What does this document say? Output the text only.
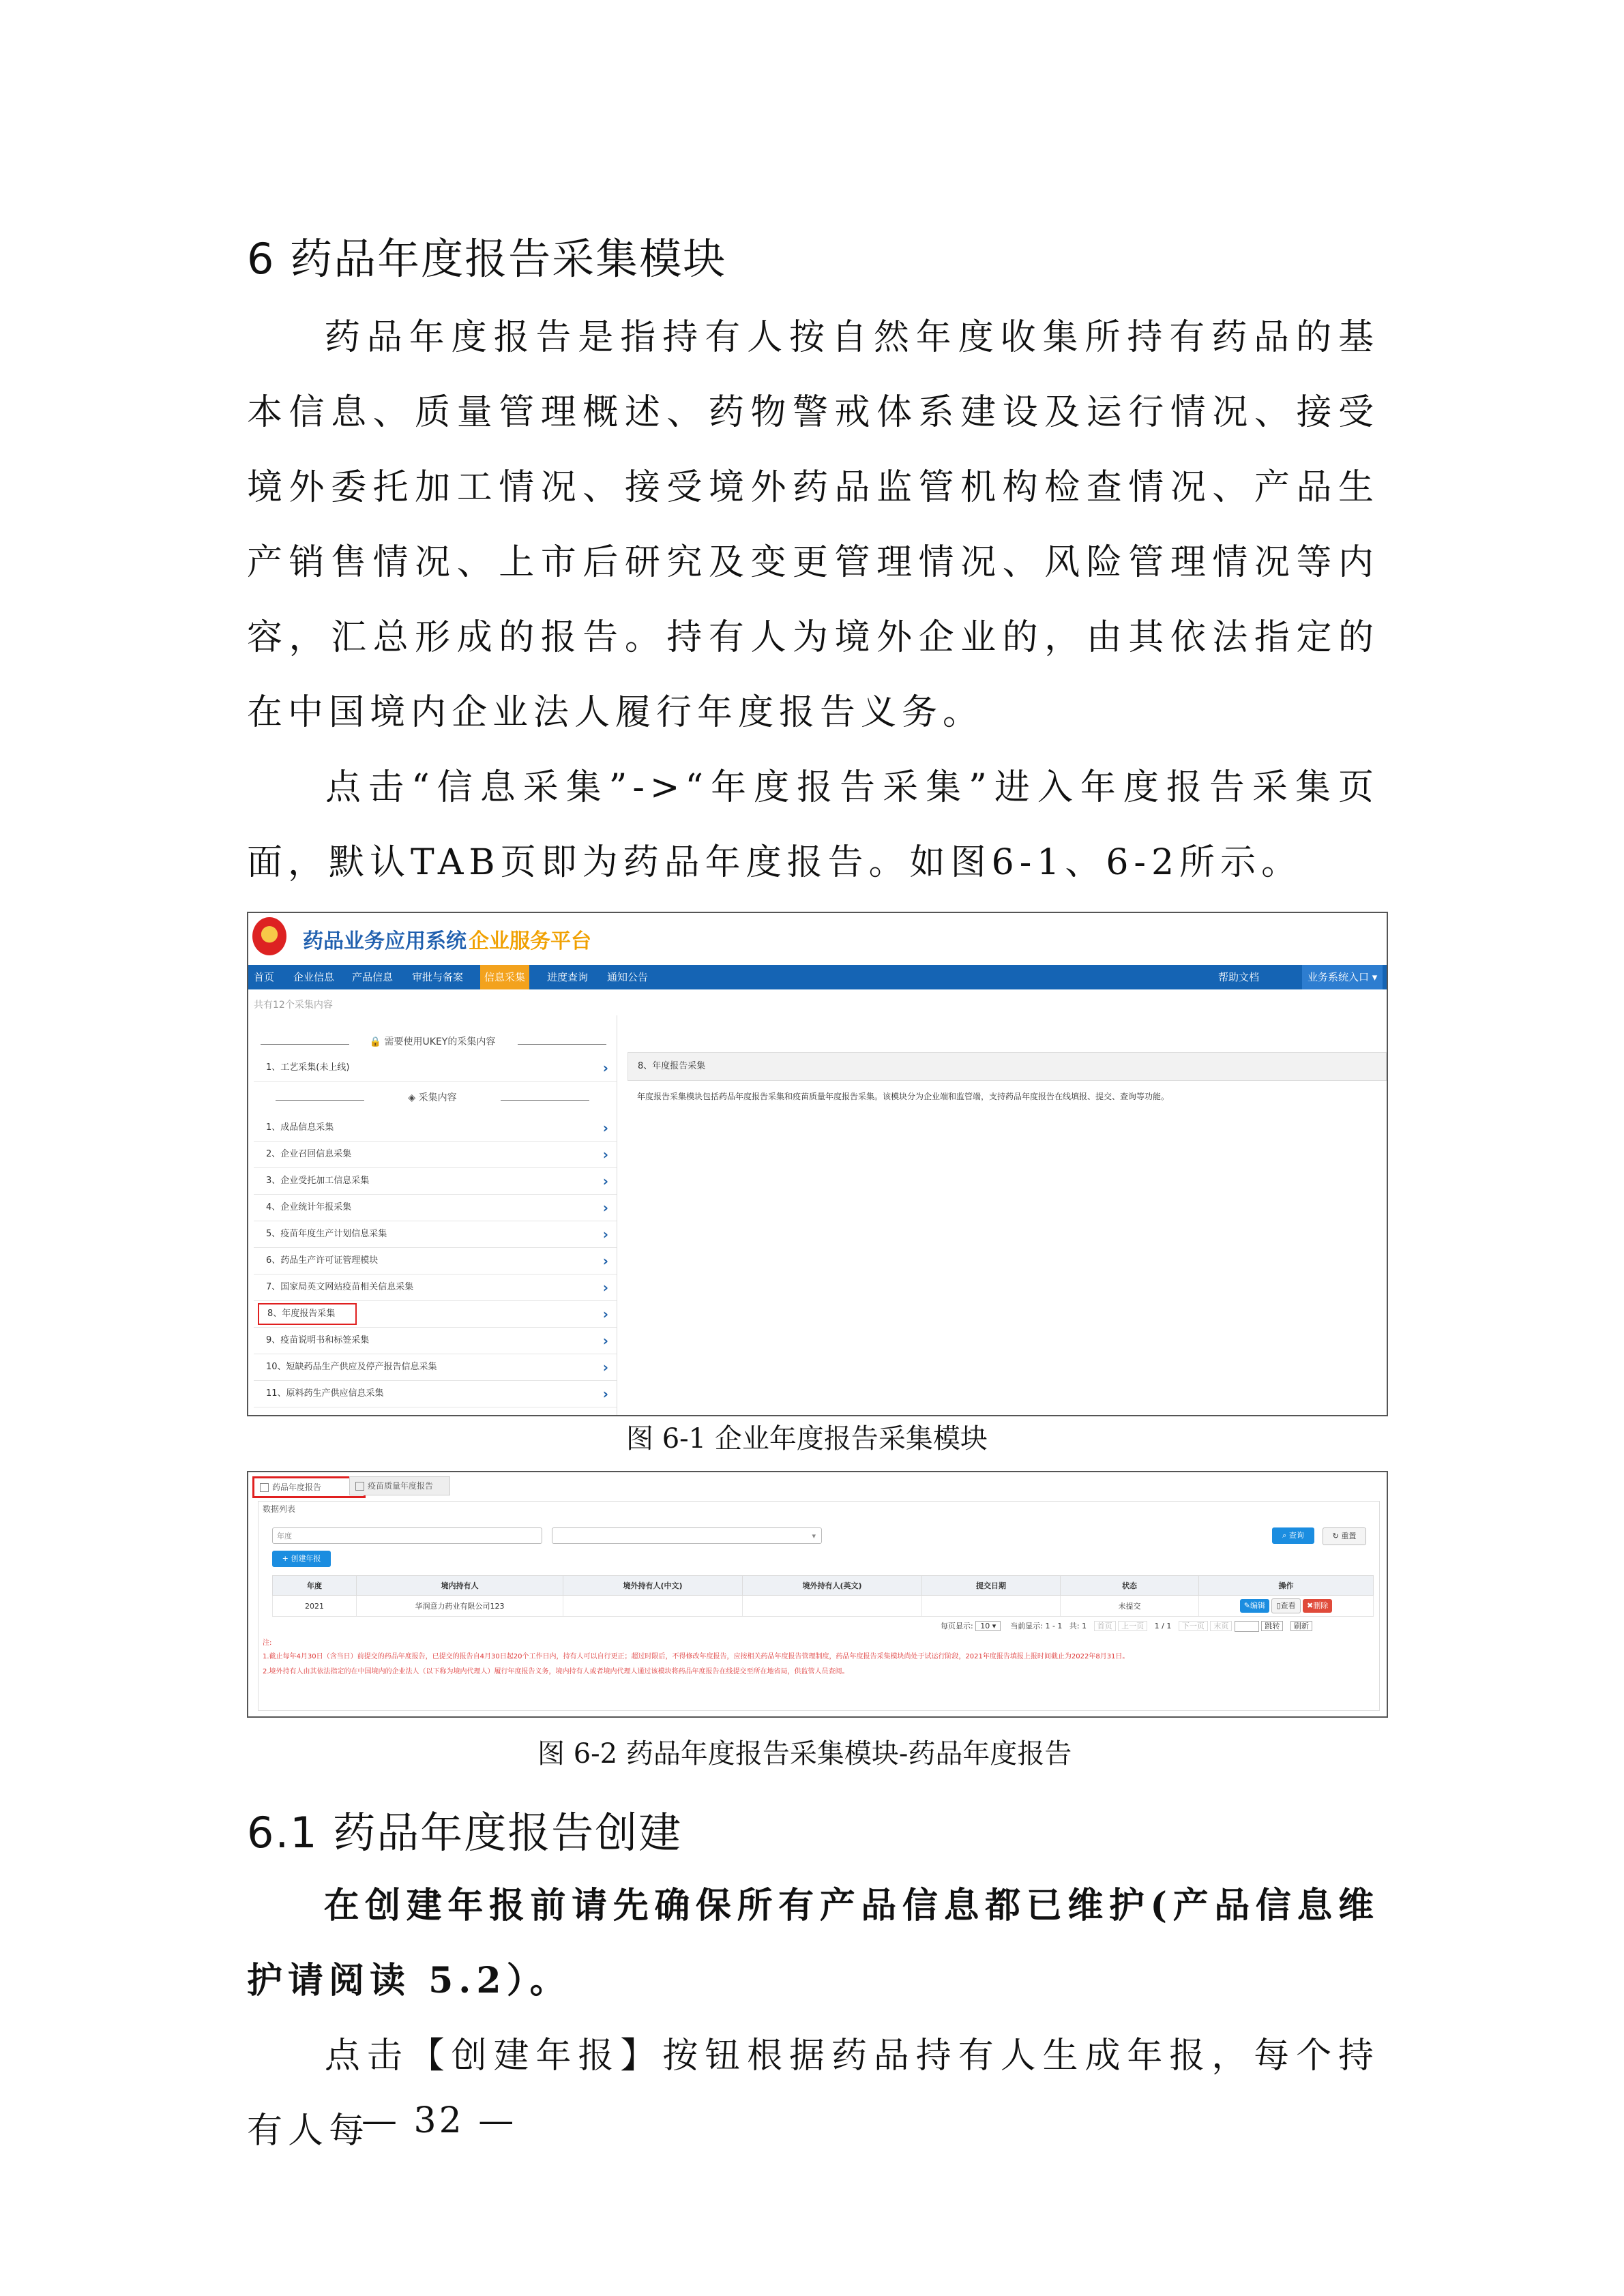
6 药品年度报告采集模块
药品年度报告是指持有人按自然年度收集所持有药品的基本信息、质量管理概述、药物警戒体系建设及运行情况、接受境外委托加工情况、接受境外药品监管机构检查情况、产品生产销售情况、上市后研究及变更管理情况、风险管理情况等内容，汇总形成的报告。持有人为境外企业的，由其依法指定的在中国境内企业法人履行年度报告义务。
点击“信息采集”->“年度报告采集”进入年度报告采集页面，默认TAB页即为药品年度报告。如图6-1、6-2所示。
药品业务应用系统 企业服务平台
首页 企业信息 产品信息 审批与备案	信息采集	进度查询 通知公告	帮助文档	业务系统入口 ▾
共有12个采集内容
🔒 需要使用UKEY的采集内容
1、工艺采集(未上线)	›
◈ 采集内容
1、成品信息采集	›
2、企业召回信息采集	›
3、企业受托加工信息采集	›
4、企业统计年报采集	›
5、疫苗年度生产计划信息采集	›
6、药品生产许可证管理模块	›
7、国家局英文网站疫苗相关信息采集	›
8、年度报告采集	›
9、疫苗说明书和标签采集	›
10、短缺药品生产供应及停产报告信息采集	›
11、原料药生产供应信息采集	›
8、年度报告采集
年度报告采集模块包括药品年度报告采集和疫苗质量年度报告采集。该模块分为企业端和监管端，支持药品年度报告在线填报、提交、查询等功能。
图 6-1 企业年度报告采集模块
药品年度报告	疫苗质量年度报告
数据列表
年度	▾	⌕ 查询	↻ 重置
+ 创建年报
年度	境内持有人	境外持有人(中文)	境外持有人(英文)	提交日期	状态	操作
2021	华润意力药业有限公司123				未提交	✎编辑 ▯查看 ✖删除
每页显示: 10 ▾ 当前显示: 1 - 1 共: 1 首页 上一页 1 / 1 下一页 末页	跳转 刷新
注:
1.截止每年4月30日（含当日）前提交的药品年度报告，已提交的报告自4月30日起20个工作日内，持有人可以自行更正；超过时限后，不得修改年度报告，应按相关药品年度报告管理制度，药品年度报告采集模块尚处于试运行阶段，2021年度报告填报上报时间截止为2022年8月31日。
2.境外持有人由其依法指定的在中国境内的企业法人（以下称为境内代理人）履行年度报告义务，境内持有人或者境内代理人通过该模块将药品年度报告在线提交至所在地省局，供监管人员查阅。
图 6-2 药品年度报告采集模块-药品年度报告
6.1 药品年度报告创建
在创建年报前请先确保所有产品信息都已维护(产品信息维护请阅读 5.2）。
点击【创建年报】按钮根据药品持有人生成年报，每个持有人每
— 32 —
